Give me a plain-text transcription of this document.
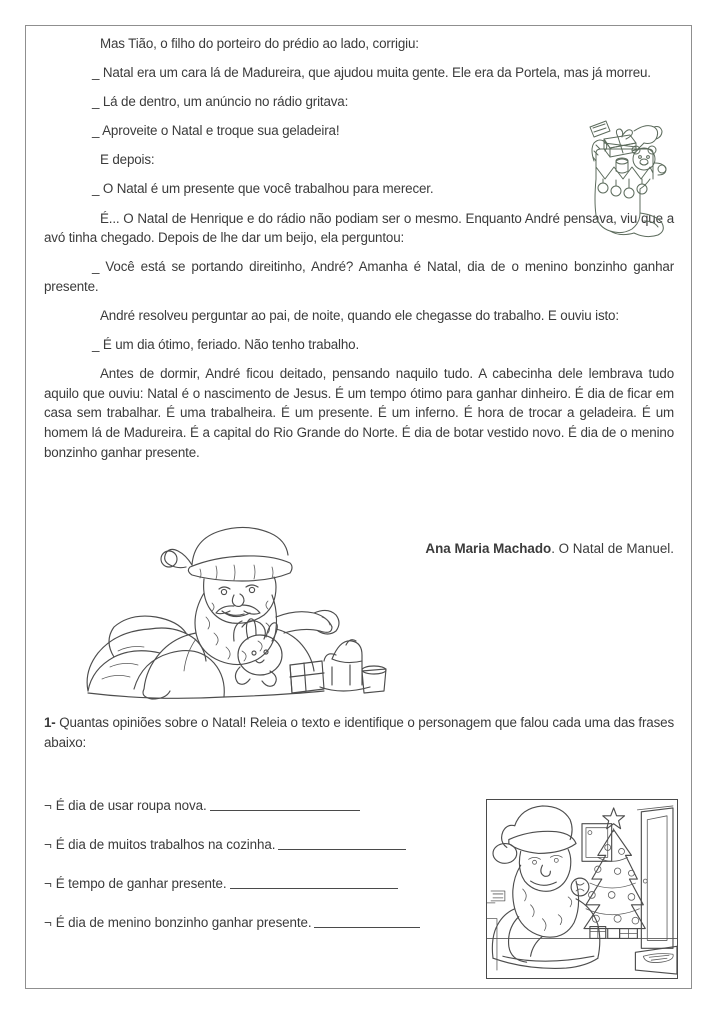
Mas Tião, o filho do porteiro do prédio ao lado, corrigiu:

_ Natal era um cara lá de Madureira, que ajudou muita gente. Ele era da Portela, mas já morreu.

_ Lá de dentro, um anúncio no rádio gritava:

_ Aproveite o Natal e troque sua geladeira!

E depois:

_ O Natal é um presente que você trabalhou para merecer.

É... O Natal de Henrique e do rádio não podiam ser o mesmo. Enquanto André pensava, viu que a avó tinha chegado. Depois de lhe dar um beijo, ela perguntou:

_ Você está se portando direitinho, André? Amanha é Natal, dia de o menino bonzinho ganhar presente.

André resolveu perguntar ao pai, de noite, quando ele chegasse do trabalho. E ouviu isto:

_ É um dia ótimo, feriado. Não tenho trabalho.

Antes de dormir, André ficou deitado, pensando naquilo tudo. A cabecinha dele lembrava tudo aquilo que ouviu: Natal é o nascimento de Jesus. É um tempo ótimo para ganhar dinheiro. É dia de ficar em casa sem trabalhar. É uma trabalheira. É um presente. É um inferno. É hora de trocar a geladeira. É um homem lá de Madureira. É a capital do Rio Grande do Norte. É dia de botar vestido novo. É dia de o menino bonzinho ganhar presente.

Ana Maria Machado. O Natal de Manuel.
1- Quantas opiniões sobre o Natal! Releia o texto e identifique o personagem que falou cada uma das frases abaixo:
¬ É dia de usar roupa nova.
¬ É dia de muitos trabalhos na cozinha.
¬ É tempo de ganhar presente.
¬ É dia de menino bonzinho ganhar presente.
